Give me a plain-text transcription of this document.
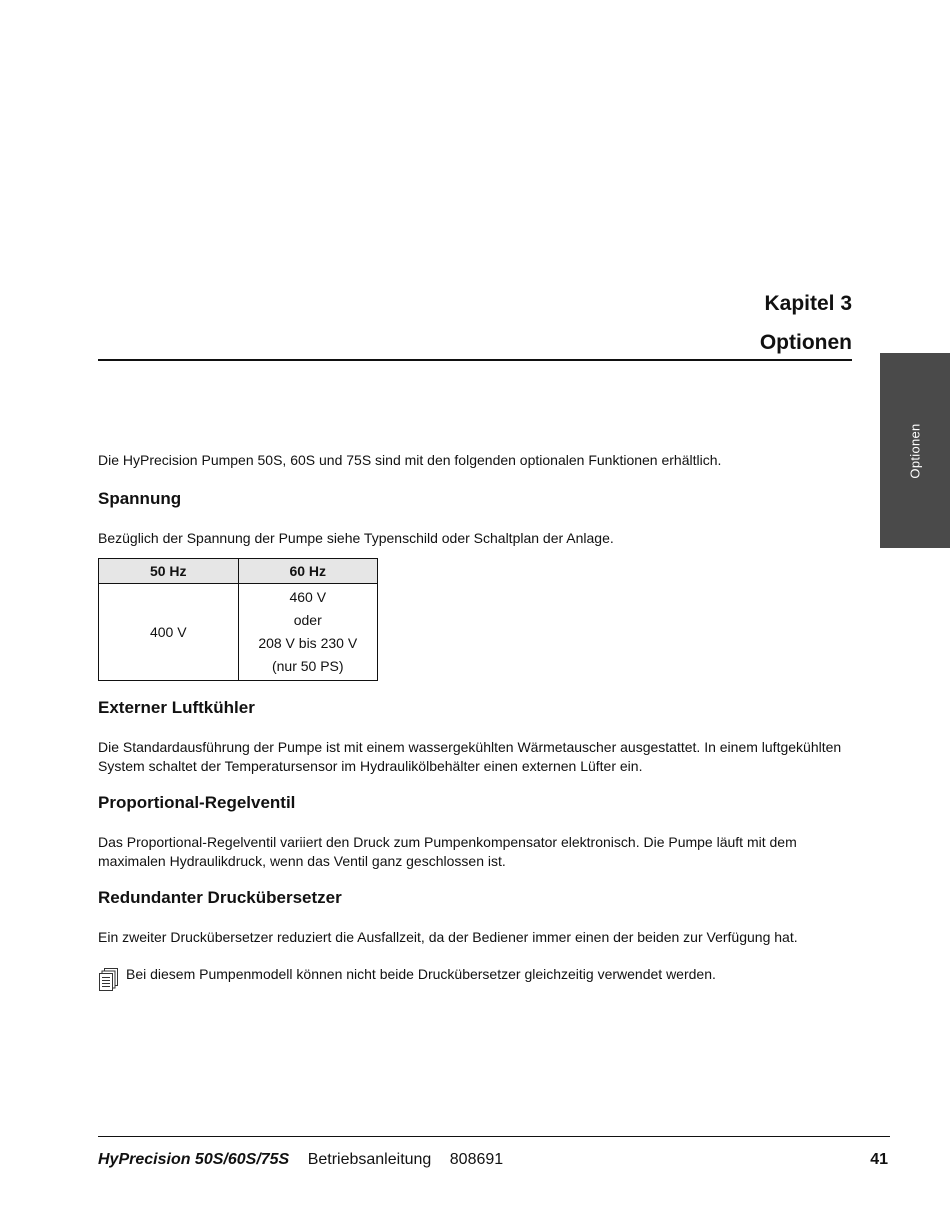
Kapitel 3
Optionen
Optionen

Die HyPrecision Pumpen 50S, 60S und 75S sind mit den folgenden optionalen Funktionen erhältlich.

Spannung

Bezüglich der Spannung der Pumpe siehe Typenschild oder Schaltplan der Anlage.

50 Hz	60 Hz
400 V	460 V
oder
208 V bis 230 V
(nur 50 PS)
Externer Luftkühler

Die Standardausführung der Pumpe ist mit einem wassergekühlten Wärmetauscher ausgestattet. In einem luftgekühlten System schaltet der Temperatursensor im Hydraulikölbehälter einen externen Lüfter ein.

Proportional-Regelventil

Das Proportional-Regelventil variiert den Druck zum Pumpenkompensator elektronisch. Die Pumpe läuft mit dem maximalen Hydraulikdruck, wenn das Ventil ganz geschlossen ist.

Redundanter Druckübersetzer

Ein zweiter Druckübersetzer reduziert die Ausfallzeit, da der Bediener immer einen der beiden zur Verfügung hat.

Bei diesem Pumpenmodell können nicht beide Druckübersetzer gleichzeitig verwendet werden.

HyPrecision 50S/60S/75S Betriebsanleitung 808691	41
